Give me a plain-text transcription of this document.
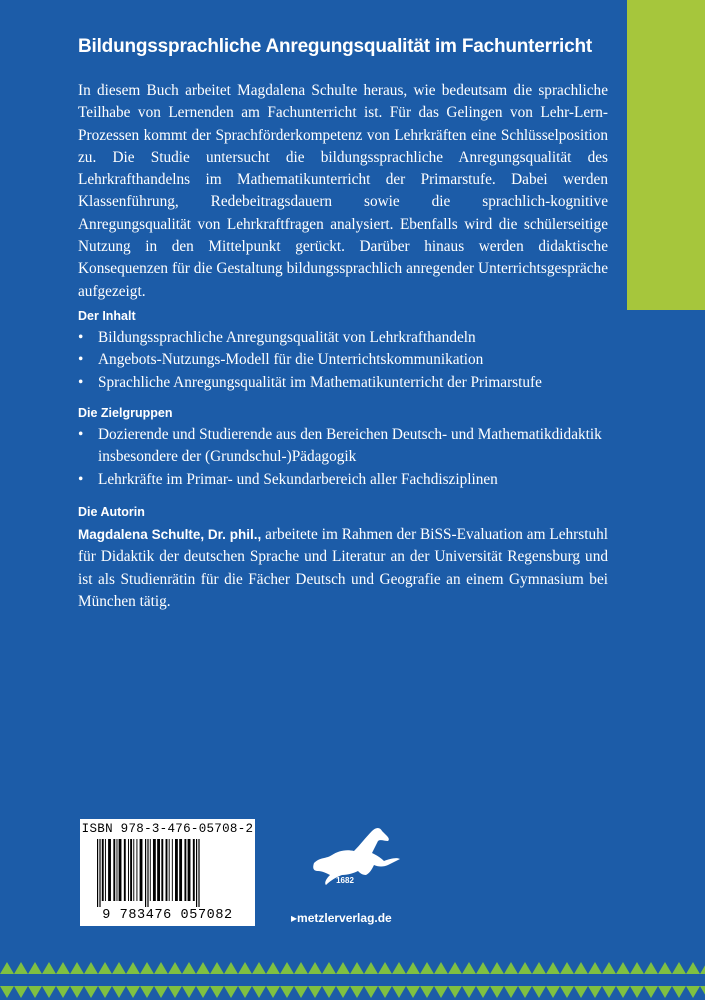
Bildungssprachliche Anregungsqualität im Fachunterricht

In diesem Buch arbeitet Magdalena Schulte heraus, wie bedeutsam die sprachliche Teilhabe von Lernenden am Fachunterricht ist. Für das Gelingen von Lehr-Lern-Prozessen kommt der Sprachförderkompetenz von Lehrkräften eine Schlüsselposition zu. Die Studie untersucht die bildungssprachliche Anregungsqualität des Lehrkrafthandelns im Mathematikunterricht der Primarstufe. Dabei werden Klassenführung, Redebeitragsdauern sowie die sprachlich-kognitive Anregungsqualität von Lehrkraftfragen analysiert. Ebenfalls wird die schülerseitige Nutzung in den Mittelpunkt gerückt. Darüber hinaus werden didaktische Konsequenzen für die Gestaltung bildungssprachlich anregender Unterrichtsgespräche aufgezeigt.

Der Inhalt
• Bildungssprachliche Anregungsqualität von Lehrkrafthandeln
• Angebots-Nutzungs-Modell für die Unterrichtskommunikation
• Sprachliche Anregungsqualität im Mathematikunterricht der Primarstufe
Die Zielgruppen
• Dozierende und Studierende aus den Bereichen Deutsch- und Mathematikdidaktik insbesondere der (Grundschul-)Pädagogik
• Lehrkräfte im Primar- und Sekundarbereich aller Fachdisziplinen
Die Autorin

Magdalena Schulte, Dr. phil., arbeitete im Rahmen der BiSS-Evaluation am Lehrstuhl für Didaktik der deutschen Sprache und Literatur an der Universität Regensburg und ist als Studienrätin für die Fächer Deutsch und Geografie an einem Gymnasium bei München tätig.

ISBN 978-3-476-05708-2
9 783476 057082
1682
▸metzlerverlag.de
